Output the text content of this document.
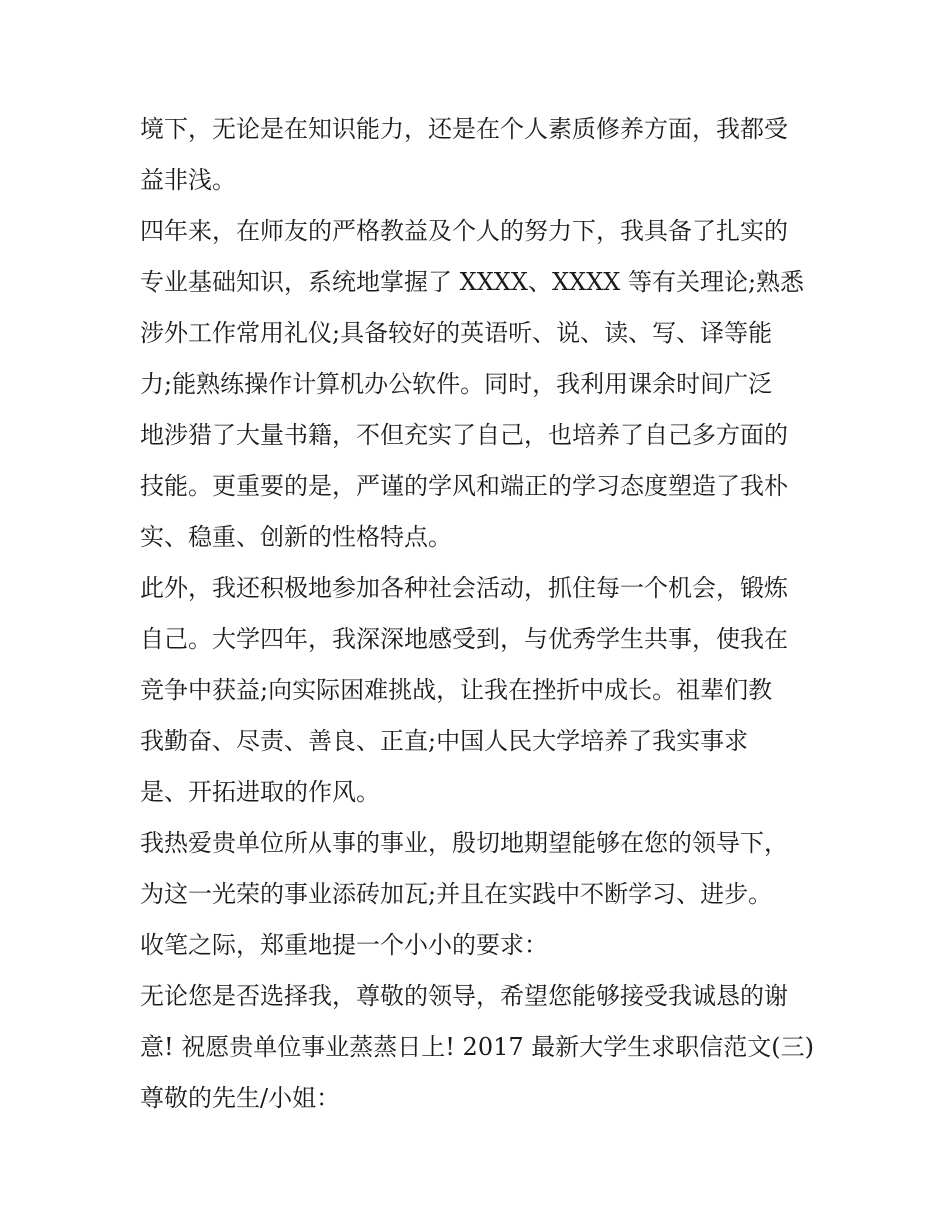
境下，无论是在知识能力，还是在个人素质修养方面，我都受
益非浅。
四年来，在师友的严格教益及个人的努力下，我具备了扎实的
专业基础知识，系统地掌握了 XXXX、XXXX 等有关理论;熟悉
涉外工作常用礼仪;具备较好的英语听、说、读、写、译等能
力;能熟练操作计算机办公软件。同时，我利用课余时间广泛
地涉猎了大量书籍，不但充实了自己，也培养了自己多方面的
技能。更重要的是，严谨的学风和端正的学习态度塑造了我朴
实、稳重、创新的性格特点。
此外，我还积极地参加各种社会活动，抓住每一个机会，锻炼
自己。大学四年，我深深地感受到，与优秀学生共事，使我在
竞争中获益;向实际困难挑战，让我在挫折中成长。祖辈们教
我勤奋、尽责、善良、正直;中国人民大学培养了我实事求
是、开拓进取的作风。
我热爱贵单位所从事的事业，殷切地期望能够在您的领导下，
为这一光荣的事业添砖加瓦;并且在实践中不断学习、进步。
收笔之际，郑重地提一个小小的要求：
无论您是否选择我，尊敬的领导，希望您能够接受我诚恳的谢
意! 祝愿贵单位事业蒸蒸日上! 2017 最新大学生求职信范文(三)
尊敬的先生/小姐：
